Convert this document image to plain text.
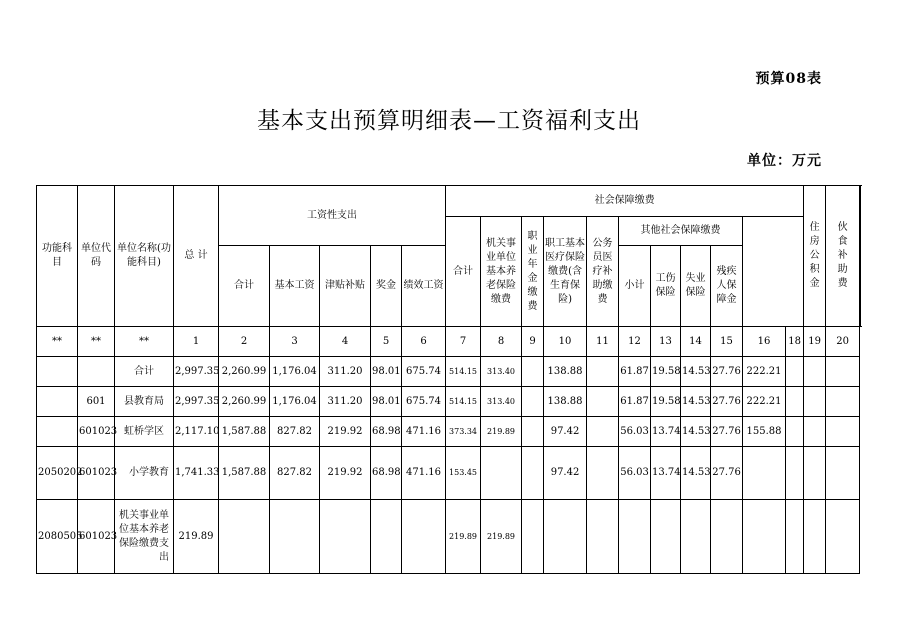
预算08表
基本支出预算明细表—工资福利支出
单位：万元
功能科目	单位代码	单位名称(功能科目)	总 计	工资性支出					社会保障缴费											住房公积金	伙食补助费

									合计	机关事业单位基本养老保险缴费	职业年金缴费	职工基本医疗保险缴费(含生育保险)	公务员医疗补助缴费	其他社会保障缴费								
				合计	基本工资	津贴补贴	奖金	绩效工资						小计	工伤保险	失业保险	残疾人保障金					
**	**	**	1	2	3	4	5	6	7	8	9	10	11	12	13	14	15	16	18	19	20	
		合计	2,997.35	2,260.99	1,176.04	311.20	98.01	675.74	514.15	313.40		138.88		61.87	19.58	14.53	27.76	222.21				
	601	县教育局	2,997.35	2,260.99	1,176.04	311.20	98.01	675.74	514.15	313.40		138.88		61.87	19.58	14.53	27.76	222.21				
	601023	虹桥学区	2,117.10	1,587.88	827.82	219.92	68.98	471.16	373.34	219.89		97.42		56.03	13.74	14.53	27.76	155.88				
2050202	601023	小学教育	1,741.33	1,587.88	827.82	219.92	68.98	471.16	153.45			97.42		56.03	13.74	14.53	27.76					
2080505	601023	机关事业单位基本养老保险缴费支出	219.89						219.89	219.89												
